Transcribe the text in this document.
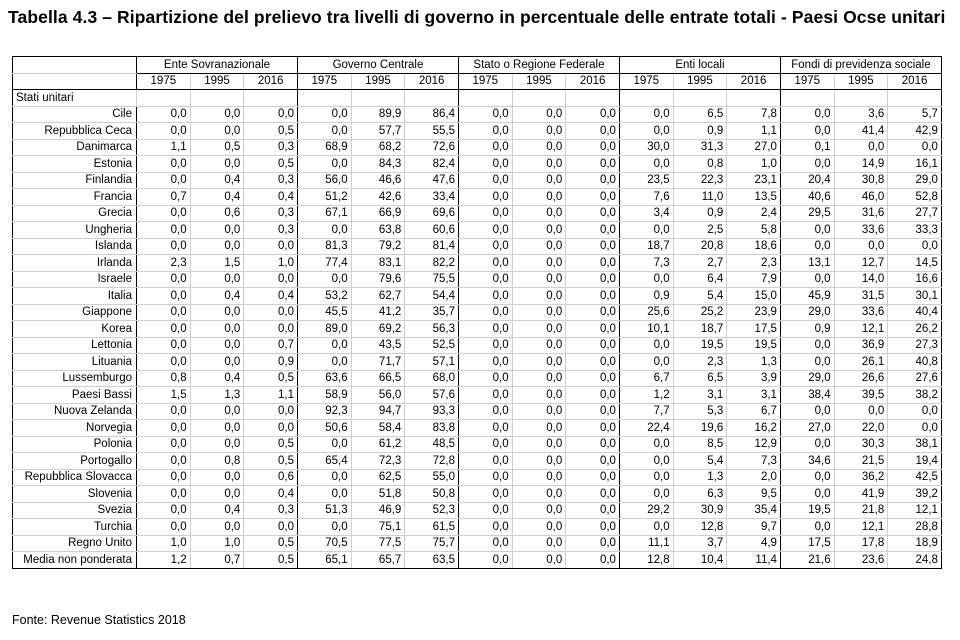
Tabella 4.3 – Ripartizione del prelievo tra livelli di governo in percentuale delle entrate totali - Paesi Ocse unitari
	Ente Sovranazionale			Governo Centrale			Stato o Regione Federale			Enti locali			Fondi di previdenza sociale		
	1975	1995	2016	1975	1995	2016	1975	1995	2016	1975	1995	2016	1975	1995	2016
Stati unitari															
Cile	0,0	0,0	0,0	0,0	89,9	86,4	0,0	0,0	0,0	0,0	6,5	7,8	0,0	3,6	5,7
Repubblica Ceca	0,0	0,0	0,5	0,0	57,7	55,5	0,0	0,0	0,0	0,0	0,9	1,1	0,0	41,4	42,9
Danimarca	1,1	0,5	0,3	68,9	68,2	72,6	0,0	0,0	0,0	30,0	31,3	27,0	0,1	0,0	0,0
Estonia	0,0	0,0	0,5	0,0	84,3	82,4	0,0	0,0	0,0	0,0	0,8	1,0	0,0	14,9	16,1
Finlandia	0,0	0,4	0,3	56,0	46,6	47,6	0,0	0,0	0,0	23,5	22,3	23,1	20,4	30,8	29,0
Francia	0,7	0,4	0,4	51,2	42,6	33,4	0,0	0,0	0,0	7,6	11,0	13,5	40,6	46,0	52,8
Grecia	0,0	0,6	0,3	67,1	66,9	69,6	0,0	0,0	0,0	3,4	0,9	2,4	29,5	31,6	27,7
Ungheria	0,0	0,0	0,3	0,0	63,8	60,6	0,0	0,0	0,0	0,0	2,5	5,8	0,0	33,6	33,3
Islanda	0,0	0,0	0,0	81,3	79,2	81,4	0,0	0,0	0,0	18,7	20,8	18,6	0,0	0,0	0,0
Irlanda	2,3	1,5	1,0	77,4	83,1	82,2	0,0	0,0	0,0	7,3	2,7	2,3	13,1	12,7	14,5
Israele	0,0	0,0	0,0	0,0	79,6	75,5	0,0	0,0	0,0	0,0	6,4	7,9	0,0	14,0	16,6
Italia	0,0	0,4	0,4	53,2	62,7	54,4	0,0	0,0	0,0	0,9	5,4	15,0	45,9	31,5	30,1
Giappone	0,0	0,0	0,0	45,5	41,2	35,7	0,0	0,0	0,0	25,6	25,2	23,9	29,0	33,6	40,4
Korea	0,0	0,0	0,0	89,0	69,2	56,3	0,0	0,0	0,0	10,1	18,7	17,5	0,9	12,1	26,2
Lettonia	0,0	0,0	0,7	0,0	43,5	52,5	0,0	0,0	0,0	0,0	19,5	19,5	0,0	36,9	27,3
Lituania	0,0	0,0	0,9	0,0	71,7	57,1	0,0	0,0	0,0	0,0	2,3	1,3	0,0	26,1	40,8
Lussemburgo	0,8	0,4	0,5	63,6	66,5	68,0	0,0	0,0	0,0	6,7	6,5	3,9	29,0	26,6	27,6
Paesi Bassi	1,5	1,3	1,1	58,9	56,0	57,6	0,0	0,0	0,0	1,2	3,1	3,1	38,4	39,5	38,2
Nuova Zelanda	0,0	0,0	0,0	92,3	94,7	93,3	0,0	0,0	0,0	7,7	5,3	6,7	0,0	0,0	0,0
Norvegia	0,0	0,0	0,0	50,6	58,4	83,8	0,0	0,0	0,0	22,4	19,6	16,2	27,0	22,0	0,0
Polonia	0,0	0,0	0,5	0,0	61,2	48,5	0,0	0,0	0,0	0,0	8,5	12,9	0,0	30,3	38,1
Portogallo	0,0	0,8	0,5	65,4	72,3	72,8	0,0	0,0	0,0	0,0	5,4	7,3	34,6	21,5	19,4
Repubblica Slovacca	0,0	0,0	0,6	0,0	62,5	55,0	0,0	0,0	0,0	0,0	1,3	2,0	0,0	36,2	42,5
Slovenia	0,0	0,0	0,4	0,0	51,8	50,8	0,0	0,0	0,0	0,0	6,3	9,5	0,0	41,9	39,2
Svezia	0,0	0,4	0,3	51,3	46,9	52,3	0,0	0,0	0,0	29,2	30,9	35,4	19,5	21,8	12,1
Turchia	0,0	0,0	0,0	0,0	75,1	61,5	0,0	0,0	0,0	0,0	12,8	9,7	0,0	12,1	28,8
Regno Unito	1,0	1,0	0,5	70,5	77,5	75,7	0,0	0,0	0,0	11,1	3,7	4,9	17,5	17,8	18,9
Media non ponderata	1,2	0,7	0,5	65,1	65,7	63,5	0,0	0,0	0,0	12,8	10,4	11,4	21,6	23,6	24,8
Fonte: Revenue Statistics 2018
